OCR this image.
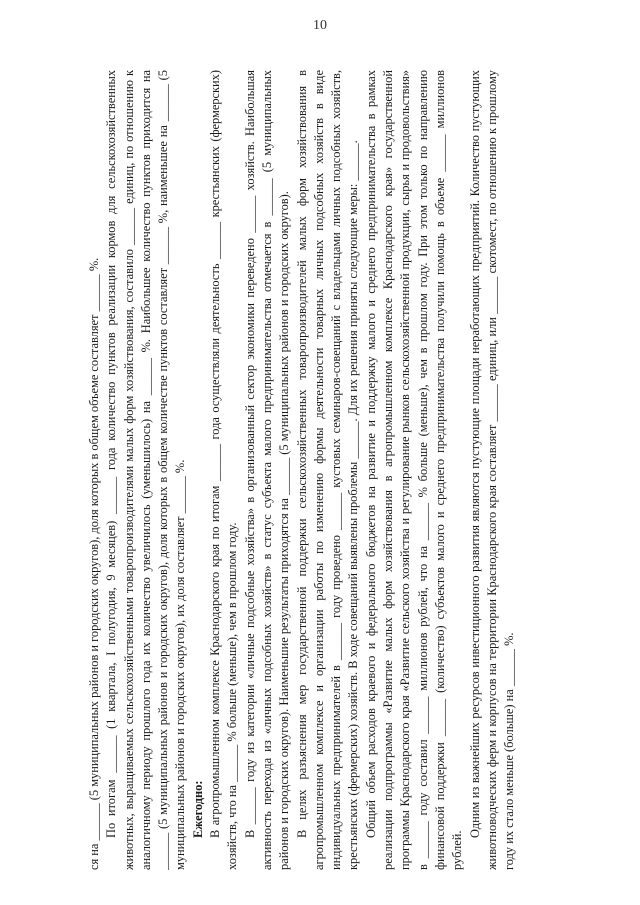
10

ся на ______ (5 муниципальных районов и городских округов), доля которых в общем объеме составляет ______ %. По итогам ______ (1 квартала, I полугодия, 9 месяцев) ______ года количество пунктов реализации кормов для сельскохозяйственных животных, выращиваемых сельскохозяйственными товаропроизводителями малых форм хозяйствования, составило ______ единиц, по отношению к аналогичному периоду прошлого года их количество увеличилось (уменьшилось) на ______ %. Наибольшее количество пунктов приходится на ______ (5 муниципальных районов и городских округов), доля которых в общем количестве пунктов составляет ______ %, наименьшее на ______ (5 муниципальных районов и городских округов), их доля составляет ______ %. Ежегодно: В агропромышленном комплексе Краснодарского края по итогам ______ года осуществляли деятельность ______ крестьянских (фермерских) хозяйств, что на ______ % больше (меньше), чем в прошлом году. В ______ году из категории «личные подсобные хозяйства» в организованный сектор экономики переведено ______ хозяйств. Наибольшая активность перехода из «личных подсобных хозяйств» в статус субъекта малого предпринимательства отмечается в ______ (5 муниципальных районов и городских округов). Наименьшие результаты приходятся на ______ (5 муниципальных районов и городских округов). В целях разъяснения мер государственной поддержки сельскохозяйственных товаропроизводителей малых форм хозяйствования в агропромышленном комплексе и организации работы по изменению формы деятельности товарных личных подсобных хозяйств в виде индивидуальных предпринимателей в ______ году проведено ______ кустовых семинаров-совещаний с владельцами личных подсобных хозяйств, крестьянских (фермерских) хозяйств. В ходе совещаний выявлены проблемы ______. Для их решения приняты следующие меры: ______. Общий объем расходов краевого и федерального бюджетов на развитие и поддержку малого и среднего предпринимательства в рамках реализации подпрограммы «Развитие малых форм хозяйствования в агропромышленном комплексе Краснодарского края» государственной программы Краснодарского края «Развитие сельского хозяйства и регулирование рынков сельскохозяйственной продукции, сырья и продовольствия» в ______ году составил ______ миллионов рублей, что на ______ % больше (меньше), чем в прошлом году. При этом только по направлению финансовой поддержки ______ (количество) субъектов малого и среднего предпринимательства получили помощь в объеме ______ миллионов рублей.

Одним из важнейших ресурсов инвестиционного развития являются пустующие площади неработающих предприятий. Количество пустующих животноводческих ферм и корпусов на территории Краснодарского края составляет ______ единиц, или ______ скотомест, по отношению к прошлому году их стало меньше (больше) на ______ %.
